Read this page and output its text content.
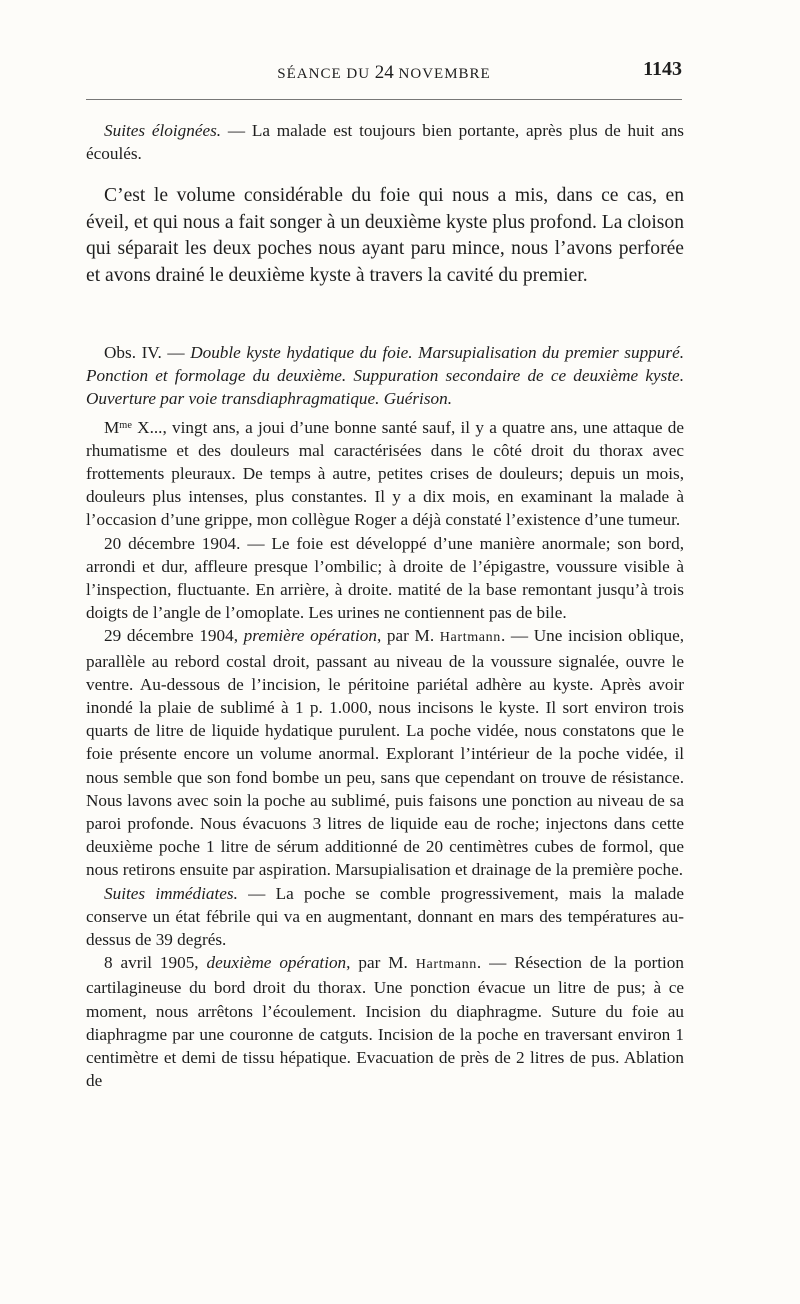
SÉANCE DU 24 NOVEMBRE	1143

Suites éloignées. — La malade est toujours bien portante, après plus de huit ans écoulés.

C’est le volume considérable du foie qui nous a mis, dans ce cas, en éveil, et qui nous a fait songer à un deuxième kyste plus profond. La cloison qui séparait les deux poches nous ayant paru mince, nous l’avons perforée et avons drainé le deuxième kyste à travers la cavité du premier.

Obs. IV. — Double kyste hydatique du foie. Marsupialisation du premier suppuré. Ponction et formolage du deuxième. Suppuration secondaire de ce deuxième kyste. Ouverture par voie transdiaphragmatique. Guérison.

$M^{me}$ X..., vingt ans, a joui d’une bonne santé sauf, il y a quatre ans, une attaque de rhumatisme et des douleurs mal caractérisées dans le côté droit du thorax avec frottements pleuraux. De temps à autre, petites crises de douleurs; depuis un mois, douleurs plus intenses, plus constantes. Il y a dix mois, en examinant la malade à l’occasion d’une grippe, mon collègue Roger a déjà constaté l’existence d’une tumeur.

20 décembre 1904. — Le foie est développé d’une manière anormale; son bord, arrondi et dur, affleure presque l’ombilic; à droite de l’épigastre, voussure visible à l’inspection, fluctuante. En arrière, à droite. matité de la base remontant jusqu’à trois doigts de l’angle de l’omoplate. Les urines ne contiennent pas de bile.

29 décembre 1904, première opération, par M. Hartmann. — Une incision oblique, parallèle au rebord costal droit, passant au niveau de la voussure signalée, ouvre le ventre. Au-dessous de l’incision, le péritoine pariétal adhère au kyste. Après avoir inondé la plaie de sublimé à 1 p. 1.000, nous incisons le kyste. Il sort environ trois quarts de litre de liquide hydatique purulent. La poche vidée, nous constatons que le foie présente encore un volume anormal. Explorant l’intérieur de la poche vidée, il nous semble que son fond bombe un peu, sans que cependant on trouve de résistance. Nous lavons avec soin la poche au sublimé, puis faisons une ponction au niveau de sa paroi profonde. Nous évacuons 3 litres de liquide eau de roche; injectons dans cette deuxième poche 1 litre de sérum additionné de 20 centimètres cubes de formol, que nous retirons ensuite par aspiration. Marsupialisation et drainage de la première poche.

Suites immédiates. — La poche se comble progressivement, mais la malade conserve un état fébrile qui va en augmentant, donnant en mars des températures au-dessus de 39 degrés.

8 avril 1905, deuxième opération, par M. Hartmann. — Résection de la portion cartilagineuse du bord droit du thorax. Une ponction évacue un litre de pus; à ce moment, nous arrêtons l’écoulement. Incision du diaphragme. Suture du foie au diaphragme par une couronne de catguts. Incision de la poche en traversant environ 1 centimètre et demi de tissu hépatique. Evacuation de près de 2 litres de pus. Ablation de
